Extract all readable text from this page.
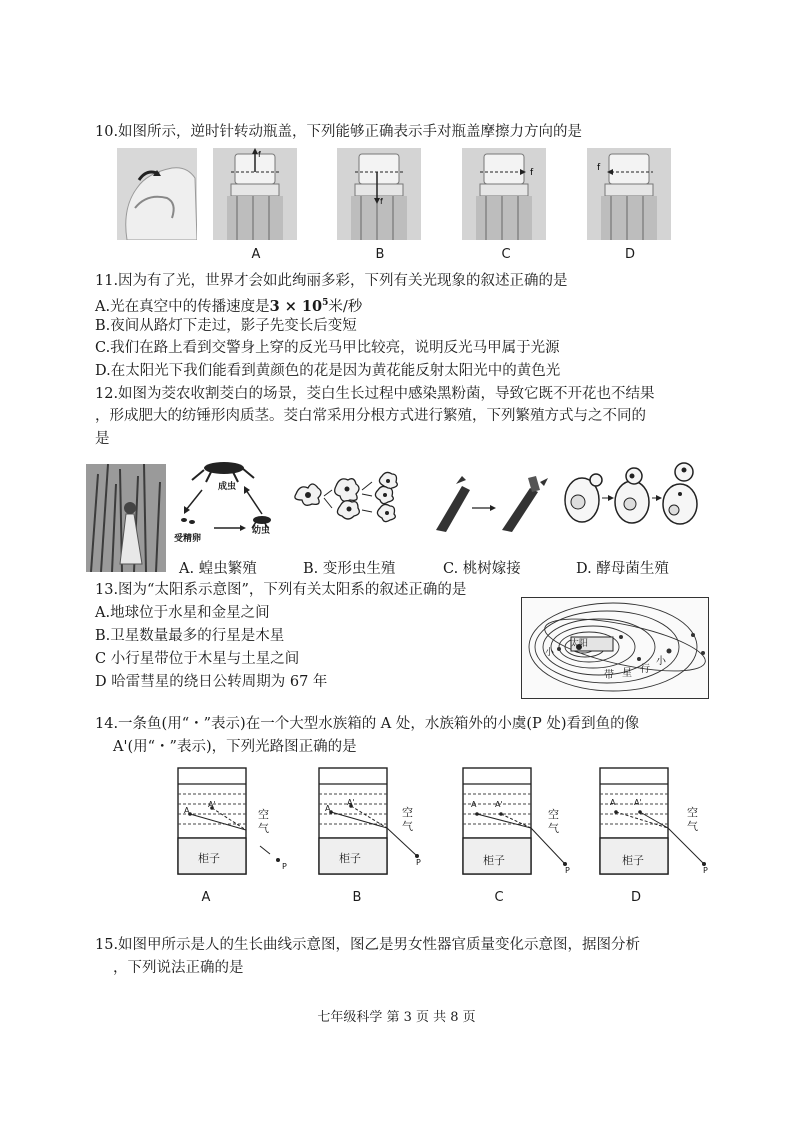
10.如图所示，逆时针转动瓶盖，下列能够正确表示手对瓶盖摩擦力方向的是
f
f
f	f
A	B	C	D
11.因为有了光，世界才会如此绚丽多彩，下列有关光现象的叙述正确的是
A.光在真空中的传播速度是$3 \times 10^5$米/秒
B.夜间从路灯下走过，影子先变长后变短
C.我们在路上看到交警身上穿的反光马甲比较亮，说明反光马甲属于光源
D.在太阳光下我们能看到黄颜色的花是因为黄花能反射太阳光中的黄色光
12.如图为茭农收割茭白的场景，茭白生长过程中感染黑粉菌，导致它既不开花也不结果
，形成肥大的纺锤形肉质茎。茭白常采用分根方式进行繁殖，下列繁殖方式与之不同的
是
成虫
受精卵
幼虫
A. 蝗虫繁殖	B. 变形虫生殖	C. 桃树嫁接	D. 酵母菌生殖
13.图为“太阳系示意图”，下列有关太阳系的叙述正确的是
A.地球位于水星和金星之间
B.卫星数量最多的行星是木星
C 小行星带位于木星与土星之间
D 哈雷彗星的绕日公转周期为 67 年
太阳
小
带 星 行
小
14.一条鱼(用“・”表示)在一个大型水族箱的 A 处，水族箱外的小虞(P 处)看到鱼的像
A'(用“・”表示)，下列光路图正确的是
A
A'
空
气
柜子
P
A
A'
空
气
柜子	P
A A'
空
气
柜子
P
A A'
空
气
柜子
P
A	B	C	D
15.如图甲所示是人的生长曲线示意图，图乙是男女性器官质量变化示意图，据图分析
，下列说法正确的是
七年级科学 第 3 页 共 8 页
